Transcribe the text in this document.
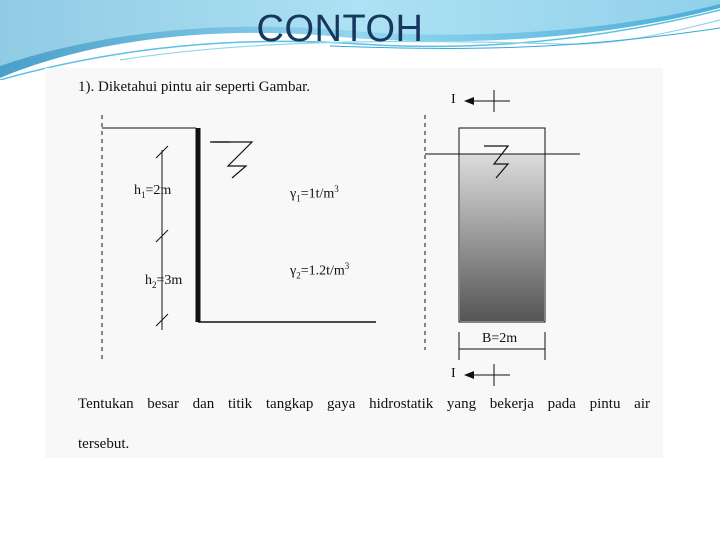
CONTOH
1). Diketahui pintu air seperti Gambar.
$h_1=2m$
$h_2=3m$
$\gamma_1=1t/m^3$
$\gamma_2=1.2t/m^3$
B=2m
I
I
Tentukan besar dan titik tangkap gaya hidrostatik yang bekerja pada pintu air
tersebut.
